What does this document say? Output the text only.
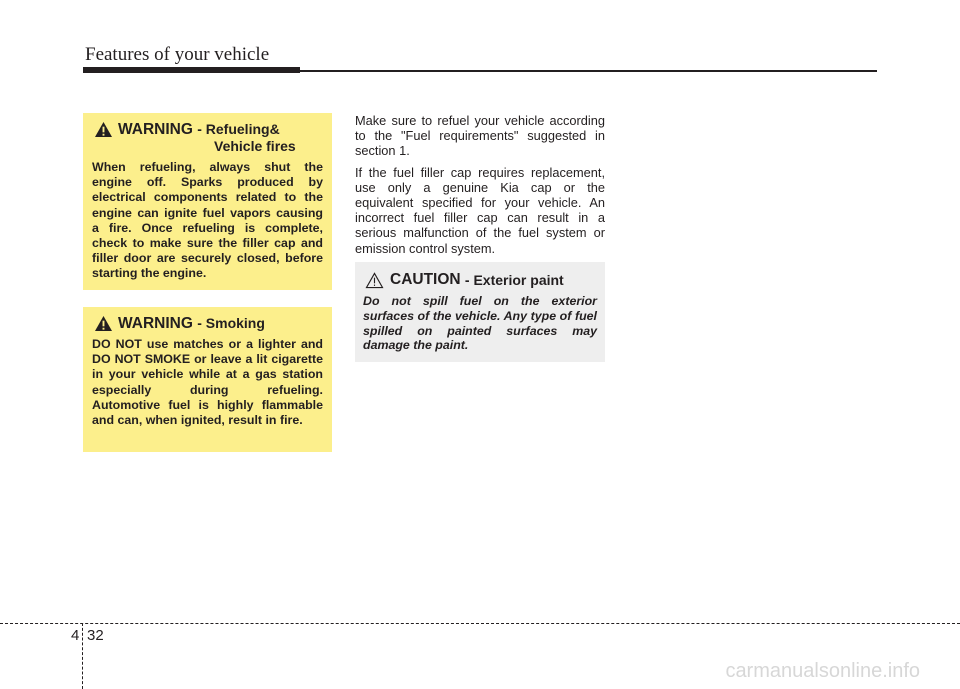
Features of your vehicle
WARNING - Refueling&
Vehicle fires
When refueling, always shut the engine off. Sparks produced by electrical components related to the engine can ignite fuel vapors causing a fire. Once refueling is complete, check to make sure the filler cap and filler door are securely closed, before starting the engine.
WARNING - Smoking
DO NOT use matches or a lighter and DO NOT SMOKE or leave a lit cigarette in your vehicle while at a gas station especially during refueling. Automotive fuel is highly flammable and can, when ignited, result in fire.

Make sure to refuel your vehicle according to the "Fuel requirements" suggested in section 1.

If the fuel filler cap requires replacement, use only a genuine Kia cap or the equivalent specified for your vehicle. An incorrect fuel filler cap can result in a serious malfunction of the fuel system or emission control system.

CAUTION
- Exterior paint
Do not spill fuel on the exterior surfaces of the vehicle. Any type of fuel spilled on painted surfaces may damage the paint.
4 32
carmanualsonline.info
